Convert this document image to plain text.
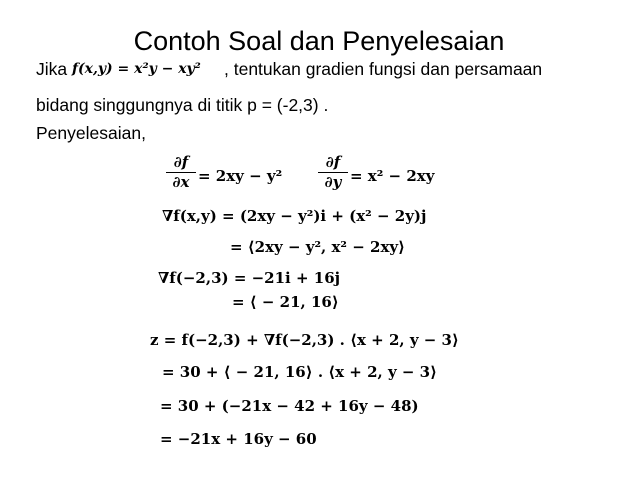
Contoh Soal dan Penyelesaian
Jika f(x,y) = x²y − xy² , tentukan gradien fungsi dan persamaan
bidang singgungnya di titik p = (-2,3) .
Penyelesaian,
∂f
∂x = 2xy − y²
∂f
∂y = x² − 2xy
∇f(x,y) = (2xy − y²)i + (x² − 2y)j
= ⟨2xy − y², x² − 2xy⟩
∇f(−2,3) = −21i + 16j
= ⟨ − 21, 16⟩
z = f(−2,3) + ∇f(−2,3) . ⟨x + 2, y − 3⟩
= 30 + ⟨ − 21, 16⟩ . ⟨x + 2, y − 3⟩
= 30 + (−21x − 42 + 16y − 48)
= −21x + 16y − 60
